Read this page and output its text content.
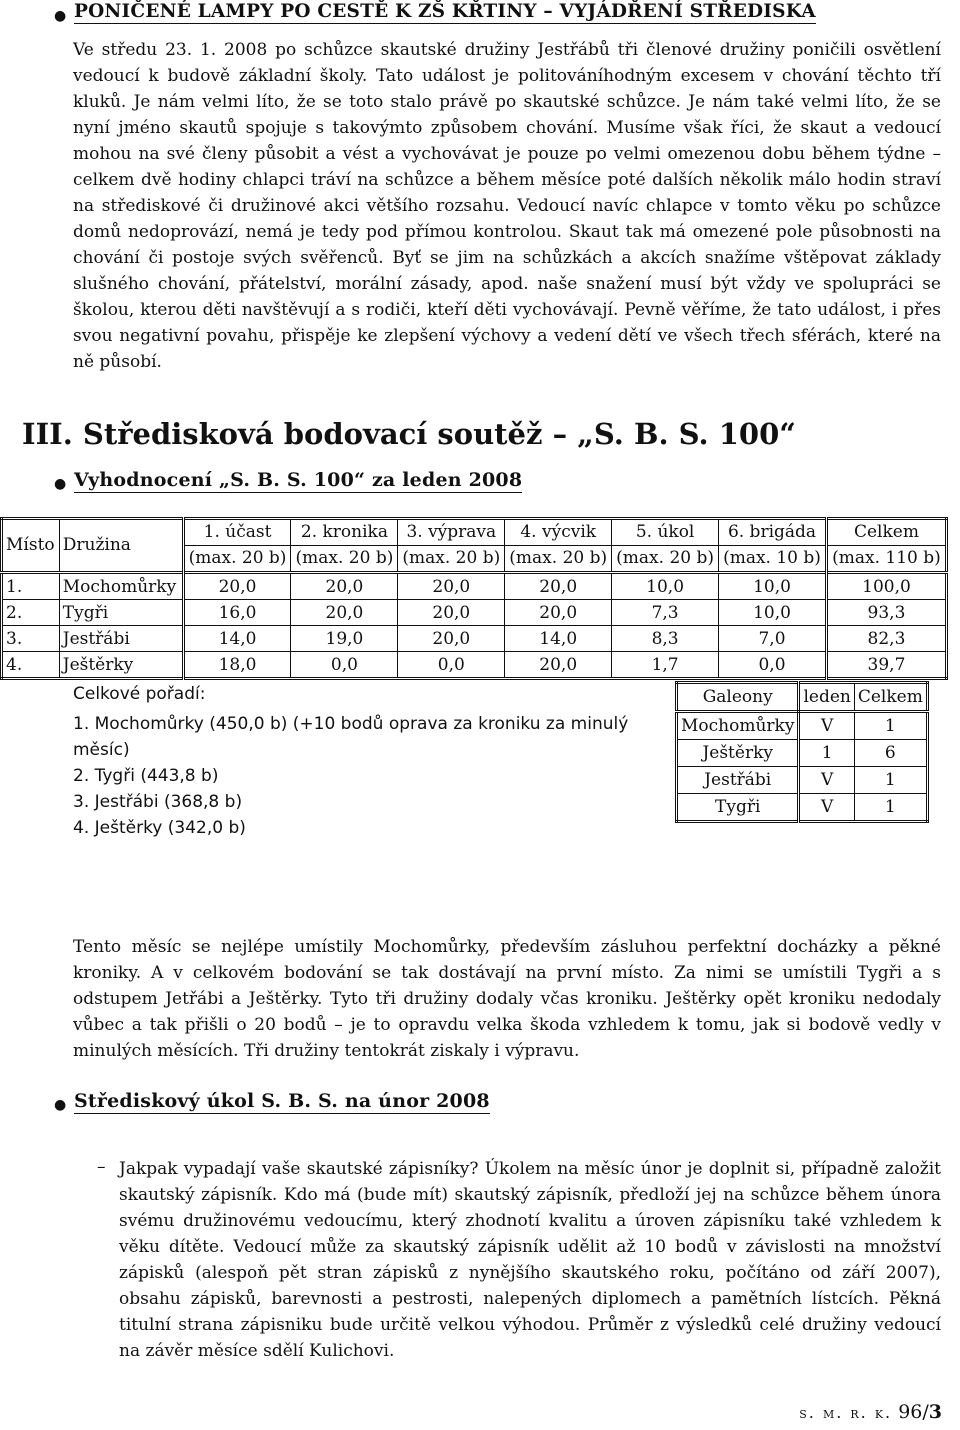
● PONIČENÉ LAMPY PO CESTĚ K ZŠ KŘTINY – VYJÁDŘENÍ STŘEDISKA

Ve středu 23. 1. 2008 po schůzce skautské družiny Jestřábů tři členové družiny poničili osvětlení vedoucí k budově základní školy. Tato událost je politováníhodným excesem v chování těchto tří kluků. Je nám velmi líto, že se toto stalo právě po skautské schůzce. Je nám také velmi líto, že se nyní jméno skautů spojuje s takovýmto způsobem chování. Musíme však říci, že skaut a vedoucí mohou na své členy působit a vést a vychovávat je pouze po velmi omezenou dobu během týdne – celkem dvě hodiny chlapci tráví na schůzce a během měsíce poté dalších několik málo hodin straví na střediskové či družinové akci většího rozsahu. Vedoucí navíc chlapce v tomto věku po schůzce domů nedoprovází, nemá je tedy pod přímou kontrolou. Skaut tak má omezené pole působnosti na chování či postoje svých svěřenců. Byť se jim na schůzkách a akcích snažíme vštěpovat základy slušného chování, přátelství, morální zásady, apod. naše snažení musí být vždy ve spolupráci se školou, kterou děti navštěvují a s rodiči, kteří děti vychovávají. Pevně věříme, že tato událost, i přes svou negativní povahu, přispěje ke zlepšení výchovy a vedení dětí ve všech třech sférách, které na ně působí.

III. Středisková bodovací soutěž – „S. B. S. 100“
● Vyhodnocení „S. B. S. 100“ za leden 2008
Místo	Družina	1. účast	2. kronika	3. výprava	4. výcvik	5. úkol	6. brigáda	Celkem
		(max. 20 b)	(max. 20 b)	(max. 20 b)	(max. 20 b)	(max. 20 b)	(max. 10 b)	(max. 110 b)
1.	Mochomůrky	20,0	20,0	20,0	20,0	10,0	10,0	100,0
2.	Tygři	16,0	20,0	20,0	20,0	7,3	10,0	93,3
3.	Jestřábi	14,0	19,0	20,0	14,0	8,3	7,0	82,3
4.	Ještěrky	18,0	0,0	0,0	20,0	1,7	0,0	39,7
Celkové pořadí:
1. Mochomůrky (450,0 b) (+10 bodů oprava za kroniku za minulý měsíc)
2. Tygři (443,8 b)
3. Jestřábi (368,8 b)
4. Ještěrky (342,0 b)
Galeony	leden	Celkem
Mochomůrky	V	1
Ještěrky	1	6
Jestřábi	V	1
Tygři	V	1

Tento měsíc se nejlépe umístily Mochomůrky, především zásluhou perfektní docházky a pěkné kroniky. A v celkovém bodování se tak dostávají na první místo. Za nimi se umístili Tygři a s odstupem Jetřábi a Ještěrky. Tyto tři družiny dodaly včas kroniku. Ještěrky opět kroniku nedodaly vůbec a tak přišli o 20 bodů – je to opravdu velka škoda vzhledem k tomu, jak si bodově vedly v minulých měsících. Tři družiny tentokrát ziskaly i výpravu.

● Střediskový úkol S. B. S. na únor 2008
– Jakpak vypadají vaše skautské zápisníky? Úkolem na měsíc únor je doplnit si, případně založit skautský zápisník. Kdo má (bude mít) skautský zápisník, předloží jej na schůzce během února svému družinovému vedoucímu, který zhodnotí kvalitu a úroven zápisníku také vzhledem k věku dítěte. Vedoucí může za skautský zápisník udělit až 10 bodů v závislosti na množství zápisků (alespoň pět stran zápisků z nynějšího skautského roku, počítáno od září 2007), obsahu zápisků, barevnosti a pestrosti, nalepených diplomech a pamětních lístcích. Pěkná titulní strana zápisniku bude určitě velkou výhodou. Průměr z výsledků celé družiny vedoucí na závěr měsíce sdělí Kulichovi.

s. m. r. k. 96/3
